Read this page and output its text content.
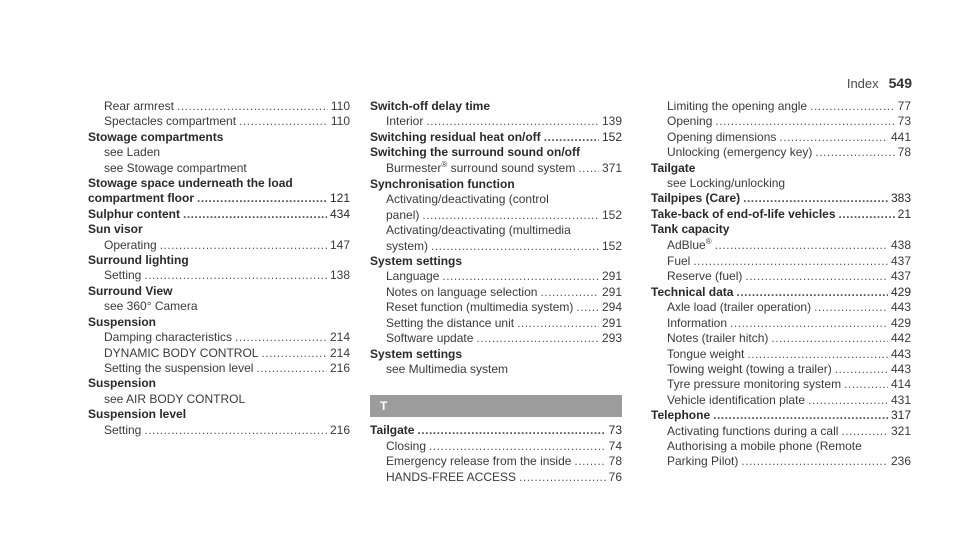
Index 549
Rear armrest .....	110
Spectacles compartment .....	110
Stowage compartments
see Laden
see Stowage compartment
Stowage space underneath the load
compartment floor .....	121
Sulphur content .....	434
Sun visor
Operating .....	147
Surround lighting
Setting .....	138
Surround View
see 360° Camera
Suspension
Damping characteristics .....	214
DYNAMIC BODY CONTROL .....	214
Setting the suspension level .....	216
Suspension
see AIR BODY CONTROL
Suspension level
Setting .....	216
Switch-off delay time
Interior .....	139
Switching residual heat on/off .....	152
Switching the surround sound on/off
Burmester® surround sound system ..... 371
Synchronisation function
Activating/deactivating (control
panel) .....	152
Activating/deactivating (multimedia
system) .....	152
System settings
Language .....	291
Notes on language selection .....	291
Reset function (multimedia system) ..... 294
Setting the distance unit .....	291
Software update .....	293
System settings
see Multimedia system
T
Tailgate .....	73
Closing .....	74
Emergency release from the inside .....	78
HANDS-FREE ACCESS .....	76
Limiting the opening angle .....	77
Opening .....	73
Opening dimensions .....	441
Unlocking (emergency key) .....	78
Tailgate
see Locking/unlocking
Tailpipes (Care) .....	383
Take-back of end-of-life vehicles .....	21
Tank capacity
AdBlue® .....	438
Fuel .....	437
Reserve (fuel) .....	437
Technical data .....	429
Axle load (trailer operation) .....	443
Information .....	429
Notes (trailer hitch) .....	442
Tongue weight .....	443
Towing weight (towing a trailer) .....	443
Tyre pressure monitoring system .....	414
Vehicle identification plate .....	431
Telephone .....	317
Activating functions during a call .....	321
Authorising a mobile phone (Remote
Parking Pilot) .....	236
